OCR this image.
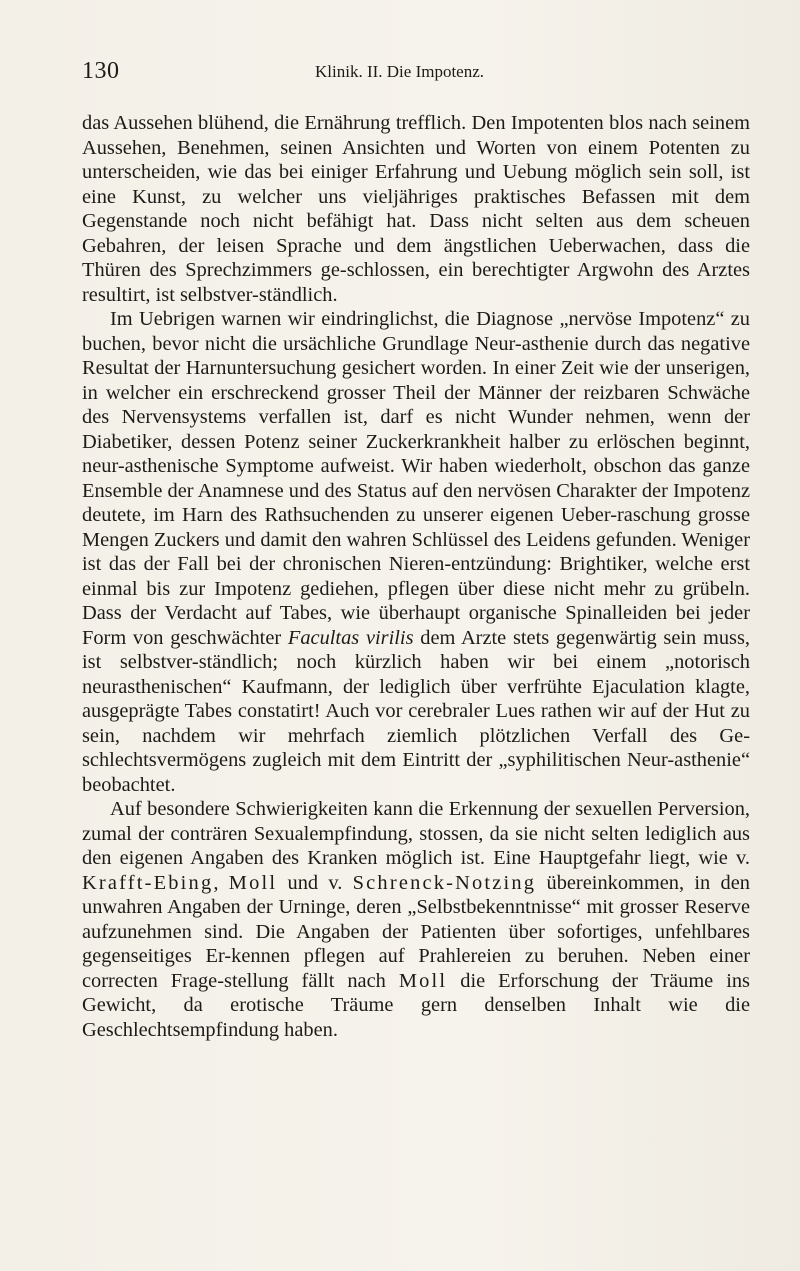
130	Klinik. II. Die Impotenz.

das Aussehen blühend, die Ernährung trefflich. Den Impotenten blos nach seinem Aussehen, Benehmen, seinen Ansichten und Worten von einem Potenten zu unterscheiden, wie das bei einiger Erfahrung und Uebung möglich sein soll, ist eine Kunst, zu welcher uns vieljähriges praktisches Befassen mit dem Gegenstande noch nicht befähigt hat. Dass nicht selten aus dem scheuen Gebahren, der leisen Sprache und dem ängstlichen Ueberwachen, dass die Thüren des Sprechzimmers ge-schlossen, ein berechtigter Argwohn des Arztes resultirt, ist selbstver-ständlich.

Im Uebrigen warnen wir eindringlichst, die Diagnose „nervöse Impotenz“ zu buchen, bevor nicht die ursächliche Grundlage Neur-asthenie durch das negative Resultat der Harnuntersuchung gesichert worden. In einer Zeit wie der unserigen, in welcher ein erschreckend grosser Theil der Männer der reizbaren Schwäche des Nervensystems verfallen ist, darf es nicht Wunder nehmen, wenn der Diabetiker, dessen Potenz seiner Zuckerkrankheit halber zu erlöschen beginnt, neur-asthenische Symptome aufweist. Wir haben wiederholt, obschon das ganze Ensemble der Anamnese und des Status auf den nervösen Charakter der Impotenz deutete, im Harn des Rathsuchenden zu unserer eigenen Ueber-raschung grosse Mengen Zuckers und damit den wahren Schlüssel des Leidens gefunden. Weniger ist das der Fall bei der chronischen Nieren-entzündung: Brightiker, welche erst einmal bis zur Impotenz gediehen, pflegen über diese nicht mehr zu grübeln. Dass der Verdacht auf Tabes, wie überhaupt organische Spinalleiden bei jeder Form von geschwächter Facultas virilis dem Arzte stets gegenwärtig sein muss, ist selbstver-ständlich; noch kürzlich haben wir bei einem „notorisch neurasthenischen“ Kaufmann, der lediglich über verfrühte Ejaculation klagte, ausgeprägte Tabes constatirt! Auch vor cerebraler Lues rathen wir auf der Hut zu sein, nachdem wir mehrfach ziemlich plötzlichen Verfall des Ge-schlechtsvermögens zugleich mit dem Eintritt der „syphilitischen Neur-asthenie“ beobachtet.

Auf besondere Schwierigkeiten kann die Erkennung der sexuellen Perversion, zumal der conträren Sexualempfindung, stossen, da sie nicht selten lediglich aus den eigenen Angaben des Kranken möglich ist. Eine Hauptgefahr liegt, wie v. Krafft-Ebing, Moll und v. Schrenck-Notzing übereinkommen, in den unwahren Angaben der Urninge, deren „Selbstbekenntnisse“ mit grosser Reserve aufzunehmen sind. Die Angaben der Patienten über sofortiges, unfehlbares gegenseitiges Er-kennen pflegen auf Prahlereien zu beruhen. Neben einer correcten Frage-stellung fällt nach Moll die Erforschung der Träume ins Gewicht, da erotische Träume gern denselben Inhalt wie die Geschlechtsempfindung haben.
